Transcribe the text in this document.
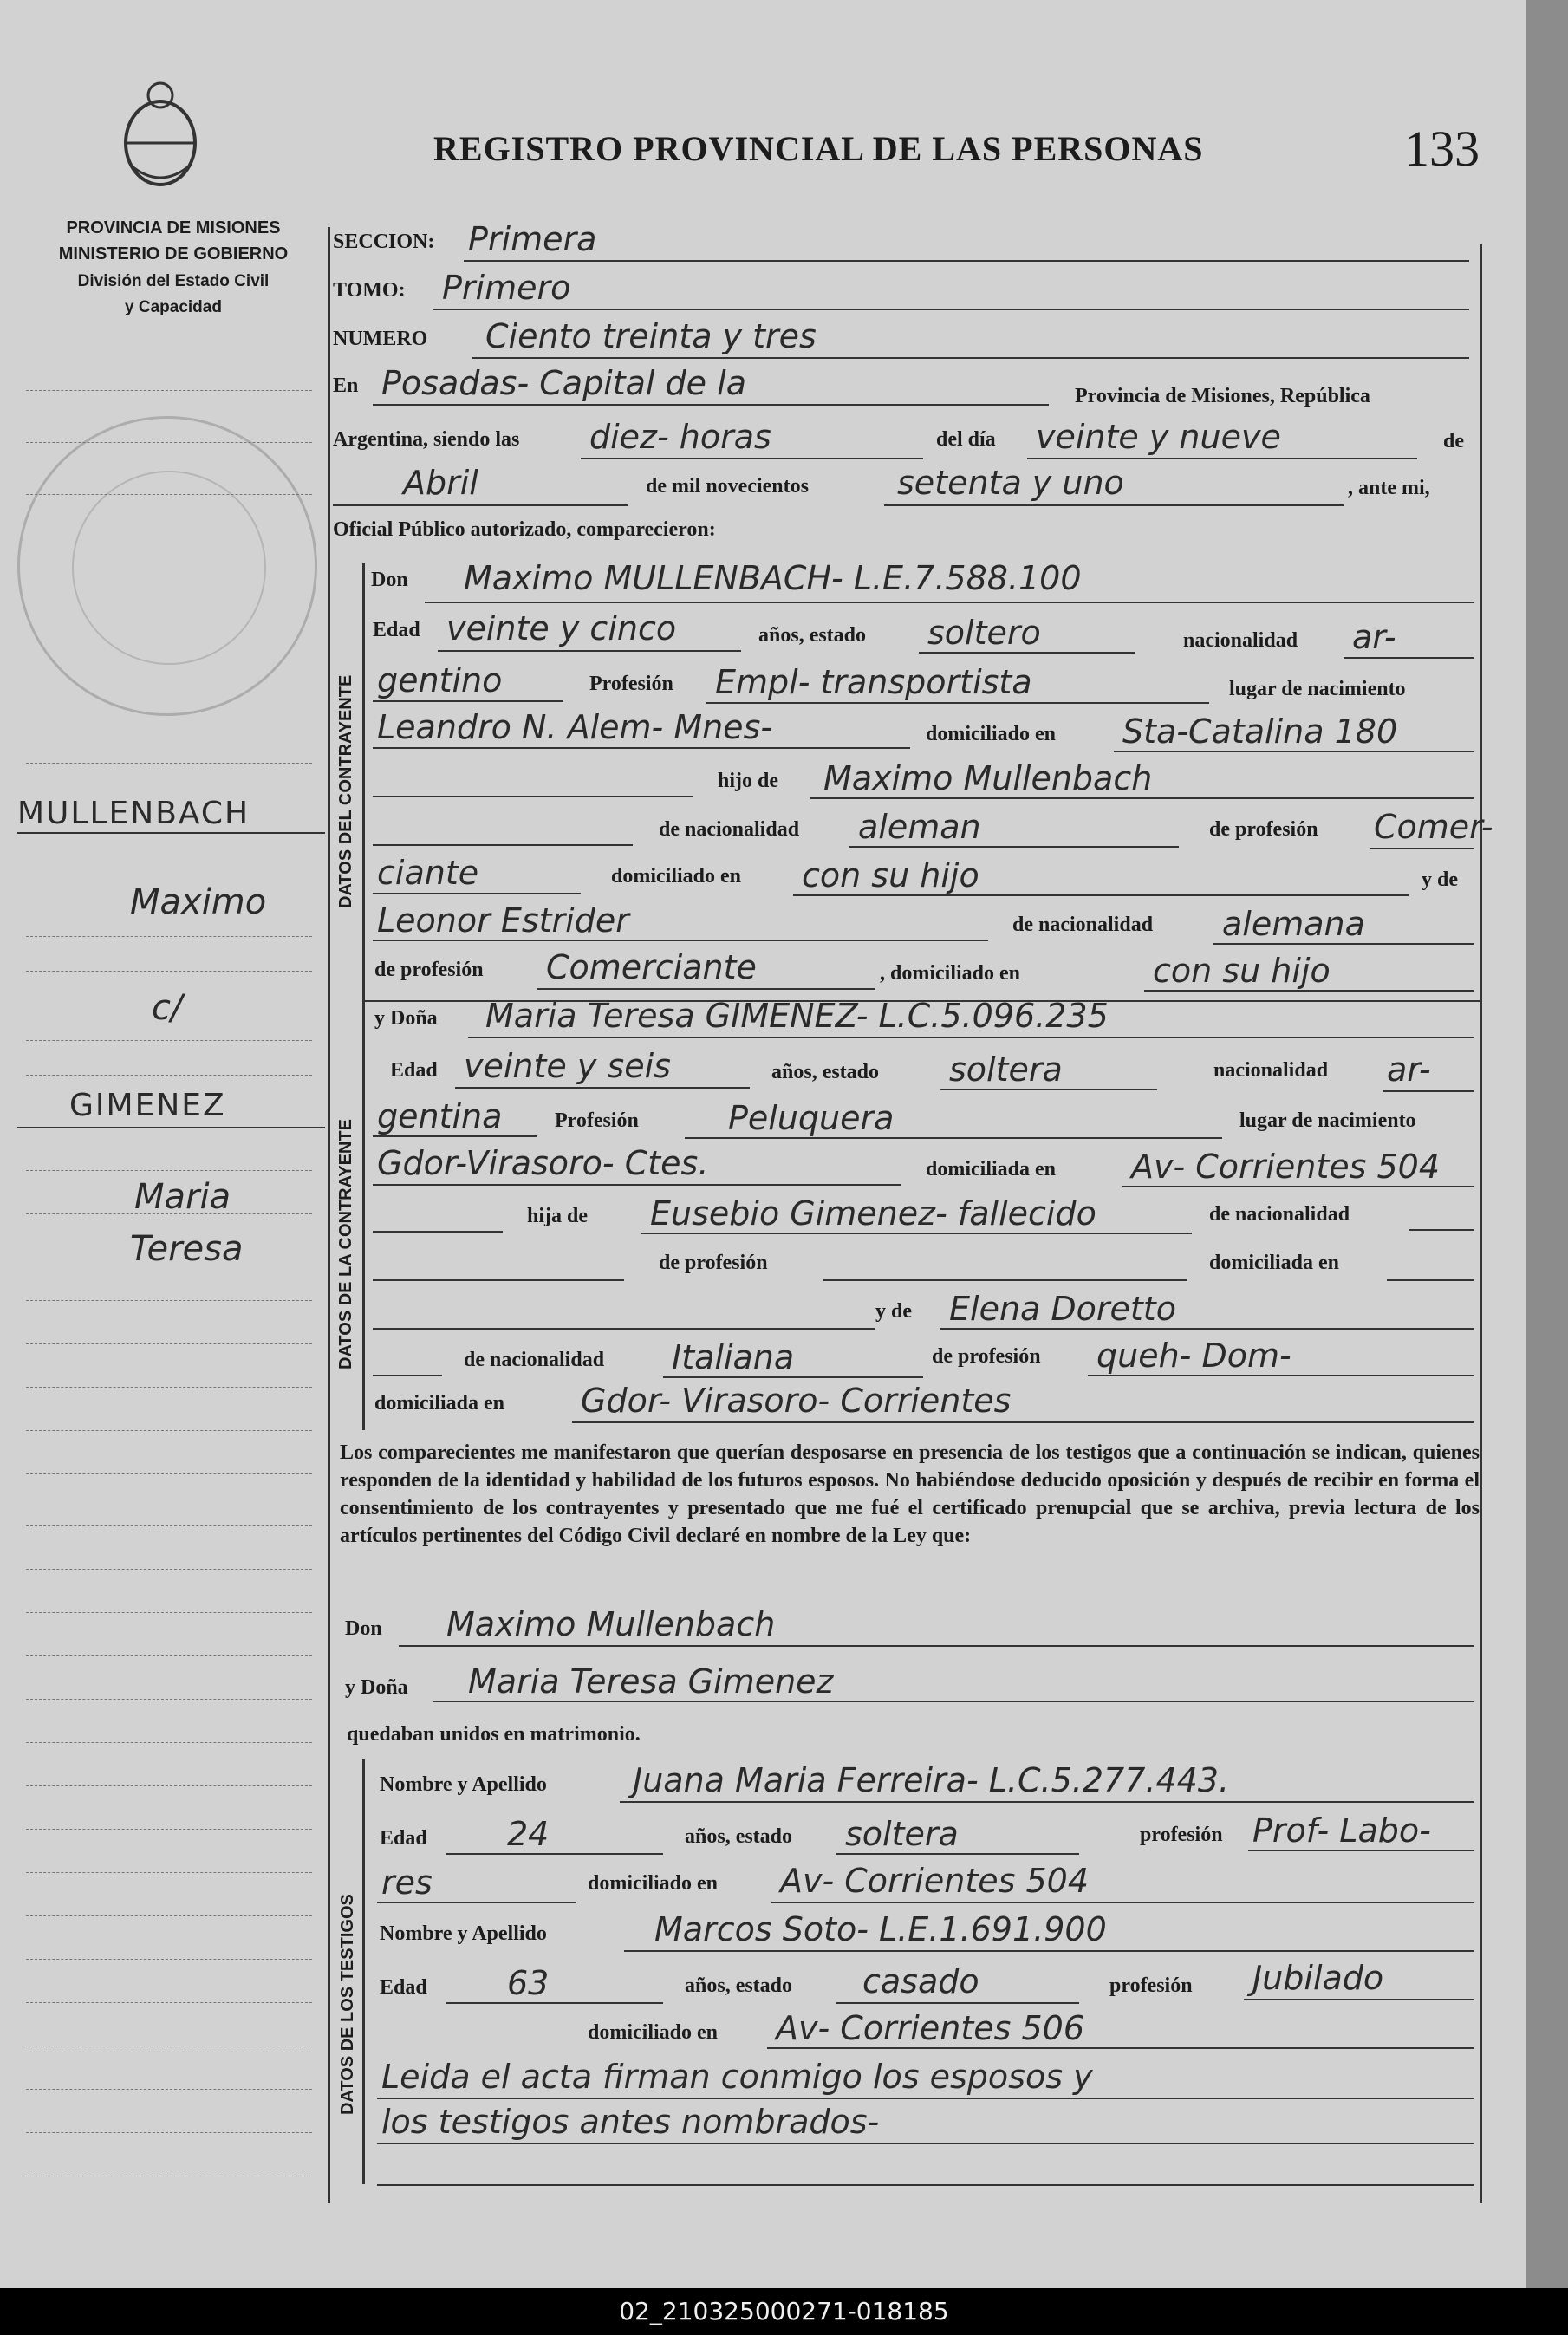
PROVINCIA DE MISIONES
MINISTERIO DE GOBIERNO
División del Estado Civil
y Capacidad
REGISTRO PROVINCIAL DE LAS PERSONAS	133
MULLENBACH
Maximo
c/
GIMENEZ
Maria
Teresa
SECCION: Primera
TOMO: Primero
NUMERO Ciento treinta y tres
En Posadas- Capital de la	Provincia de Misiones, República
Argentina, siendo las diez- horas	del día veinte y nueve	de
Abril	de mil novecientos	setenta y uno	, ante mi,
Oficial Público autorizado, comparecieron:
DATOS DEL CONTRAYENTE
Don Maximo MULLENBACH- L.E.7.588.100
Edad veinte y cinco	años, estado soltero	nacionalidad ar-
gentino	Profesión Empl- transportista	lugar de nacimiento
Leandro N. Alem- Mnes-	domiciliado en Sta-Catalina 180
hijo de Maximo Mullenbach
de nacionalidad aleman	de profesión Comer-
ciante	domiciliado en con su hijo	y de
Leonor Estrider	de nacionalidad alemana
de profesión Comerciante	, domiciliado en	con su hijo
DATOS DE LA CONTRAYENTE
y Doña Maria Teresa GIMENEZ- L.C.5.096.235
Edad veinte y seis	años, estado soltera	nacionalidad ar-
gentina	Profesión	Peluquera	lugar de nacimiento
Gdor-Virasoro- Ctes.	domiciliada en Av- Corrientes 504
hija de Eusebio Gimenez- fallecido	de nacionalidad
de profesión	domiciliada en
y de Elena Doretto
de nacionalidad Italiana	de profesión queh- Dom-
domiciliada en Gdor- Virasoro- Corrientes
Los comparecientes me manifestaron que querían desposarse en presencia de los testigos que a continuación se indican, quienes responden de la identidad y habilidad de los futuros esposos. No habiéndose deducido oposición y después de recibir en forma el consentimiento de los contrayentes y presentado que me fué el certificado prenupcial que se archiva, previa lectura de los artículos pertinentes del Código Civil declaré en nombre de la Ley que:
Don Maximo Mullenbach
y Doña Maria Teresa Gimenez
quedaban unidos en matrimonio.
DATOS DE LOS TESTIGOS
Nombre y Apellido	Juana Maria Ferreira- L.C.5.277.443.
Edad 24	años, estado soltera	profesión Prof- Labo-
res	domiciliado en Av- Corrientes 504
Nombre y Apellido	Marcos Soto- L.E.1.691.900
Edad 63	años, estado casado	profesión Jubilado
domiciliado en Av- Corrientes 506
Leida el acta firman conmigo los esposos y
los testigos antes nombrados-
02_210325000271-018185
